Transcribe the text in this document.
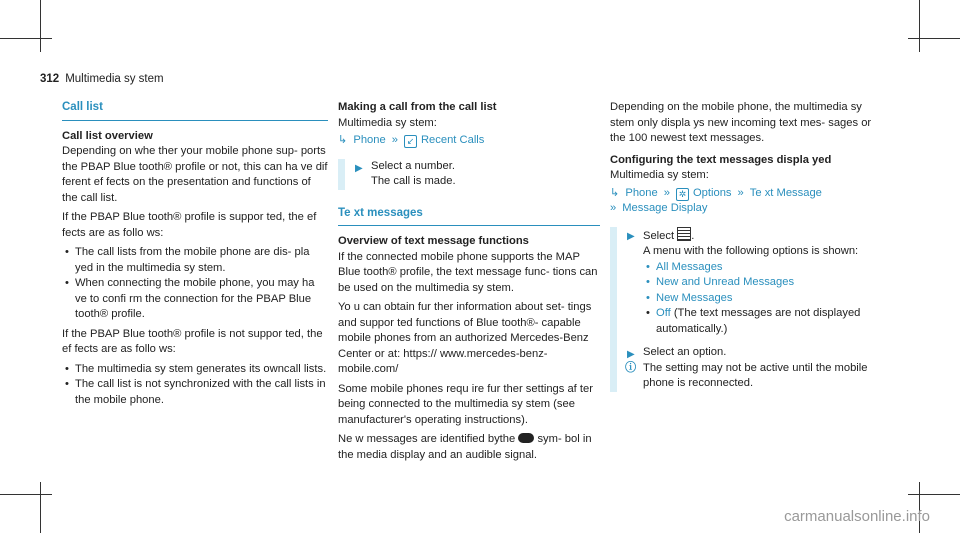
312 Multimedia sy stem
Call list
Call list overview

Depending on whe ther your mobile phone sup‐ ports the PBAP Blue tooth® profile or not, this can ha ve dif ferent ef fects on the presentation and functions of the call list.

If the PBAP Blue tooth® profile is suppor ted, the ef fects are as follo ws:

• The call lists from the mobile phone are dis‐ pla yed in the multimedia sy stem.
• When connecting the mobile phone, you may ha ve to confi rm the connection for the PBAP Blue tooth® profile.

If the PBAP Blue tooth® profile is not suppor ted, the ef fects are as follo ws:

• The multimedia sy stem generates its owncall lists.
• The call list is not synchronized with the call lists in the mobile phone.
Making a call from the call list
Multimedia sy stem:
↳ Phone » ↙ Recent Calls
▶ Select a number.
The call is made.
Te xt messages
Overview of text message functions

If the connected mobile phone supports the MAP Blue tooth® profile, the text message func‐ tions can be used on the multimedia sy stem.

Yo u can obtain fur ther information about set‐ tings and suppor ted functions of Blue tooth®- capable mobile phones from an authorized Mercedes-Benz Center or at: https:// www.mercedes-benz-mobile.com/

Some mobile phones requ ire fur ther settings af ter being connected to the multimedia sy stem (see manufacturer's operating instructions).

Ne w messages are identified bythe sym‐ bol in the media display and an audible signal.

Depending on the mobile phone, the multimedia sy stem only displa ys new incoming text mes‐ sages or the 100 newest text messages.

Configuring the text messages displa yed
Multimedia sy stem:
↳ Phone » ✲ Options » Te xt Message
» Message Display
▶ Select .
A menu with the following options is shown:
• All Messages
• New and Unread Messages
• New Messages
• Off (The text messages are not displayed automatically.)
▶ Select an option.
ⓘ The setting may not be active until the mobile phone is reconnected.
carmanualsonline.info
